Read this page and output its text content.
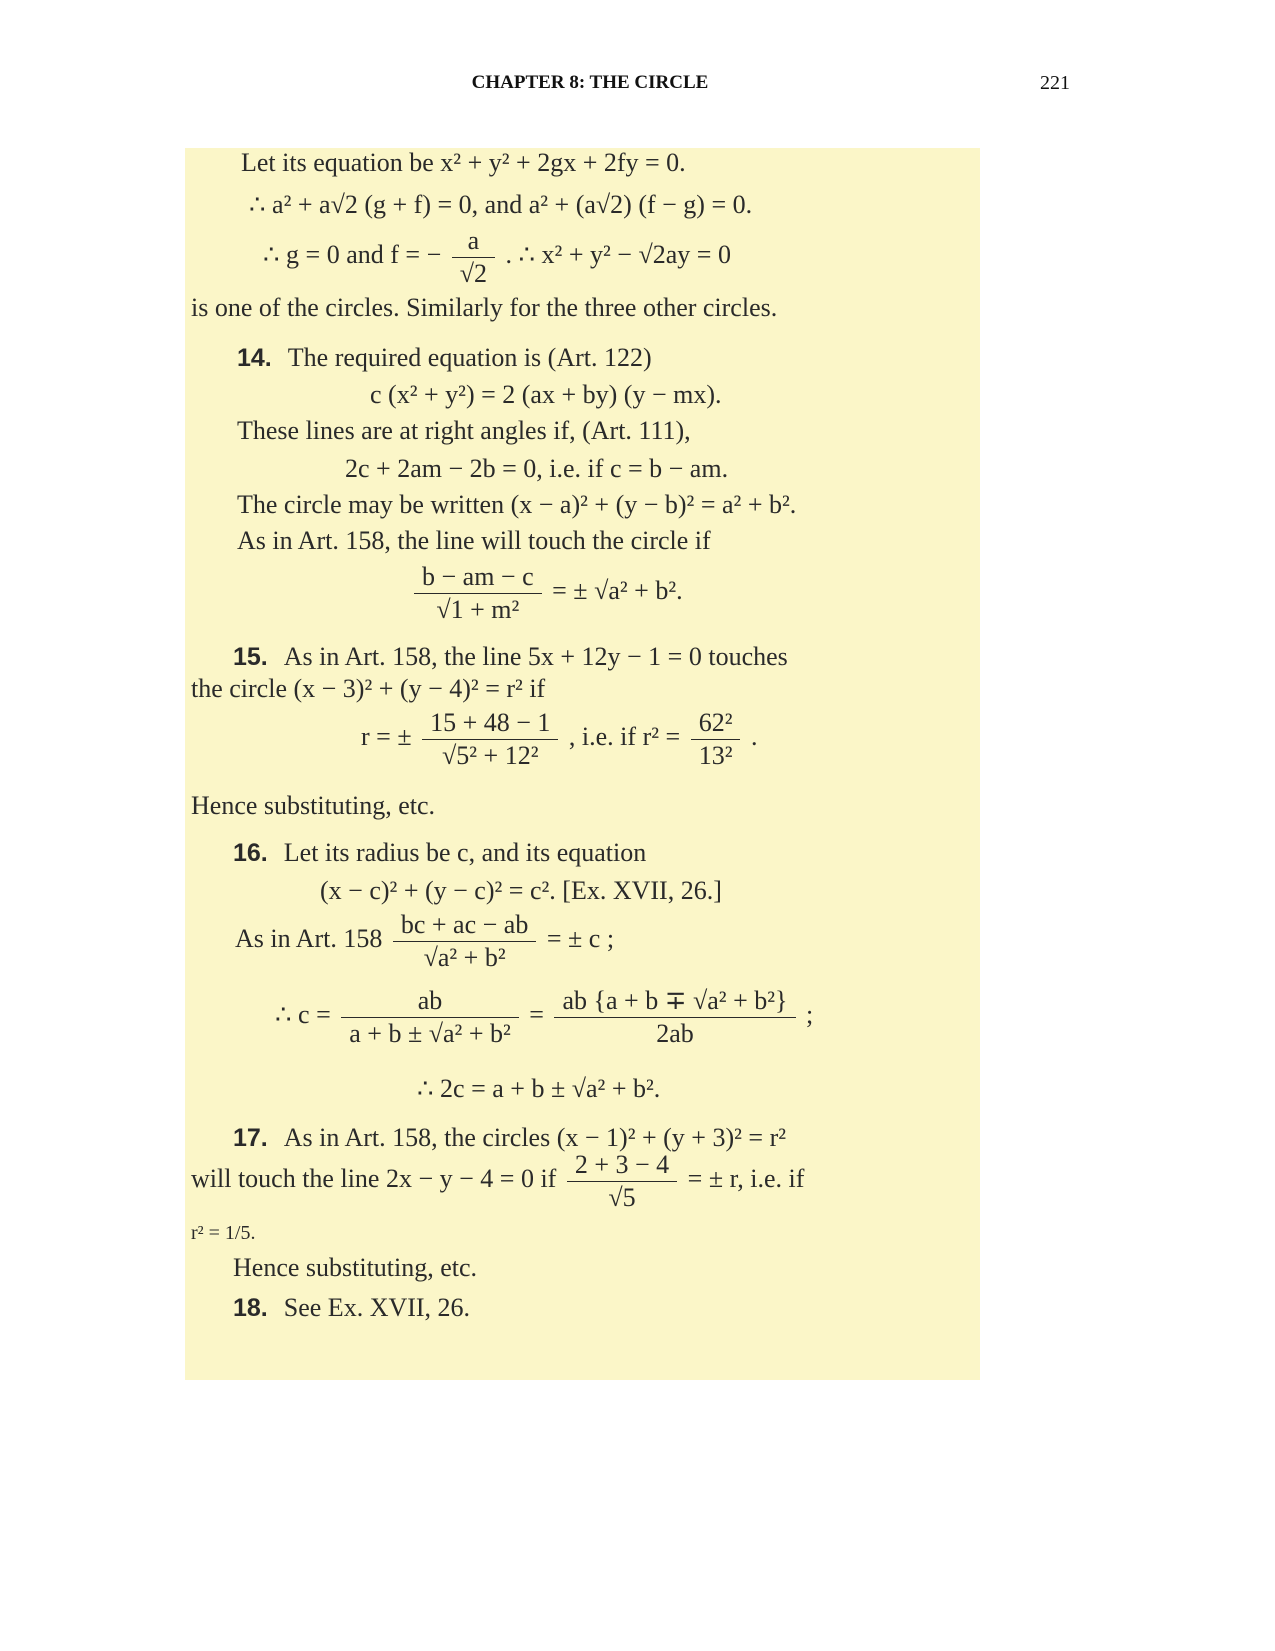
CHAPTER 8: THE CIRCLE	221
Let its equation be x² + y² + 2gx + 2fy = 0.
∴ a² + a√2 (g + f) = 0, and a² + (a√2) (f − g) = 0.
∴ g = 0 and f = − $\frac{a}{√2}$ . ∴ x² + y² − √2ay = 0
is one of the circles. Similarly for the three other circles.
14. The required equation is (Art. 122)
c (x² + y²) = 2 (ax + by) (y − mx).
These lines are at right angles if, (Art. 111),
2c + 2am − 2b = 0, i.e. if c = b − am.
The circle may be written (x − a)² + (y − b)² = a² + b².
As in Art. 158, the line will touch the circle if
$\frac{b - am - c}{\text{√1 + m²}}$ = ± √a² + b².
15. As in Art. 158, the line 5x + 12y − 1 = 0 touches
the circle (x − 3)² + (y − 4)² = r² if
r = ± $\frac{15 + 48 - 1}{\text{√5² + 12²}}$ , i.e. if $r^2 = \frac{\text{62²}}{\text{13²}}$ .
Hence substituting, etc.
16. Let its radius be c, and its equation
(x − c)² + (y − c)² = c². [Ex. XVII, 26.]
As in Art. $158 \frac{bc + ac - ab}{\text{√a² + b²}}$ = ± c ;
∴ $c = \frac{ab}{\text{a + b ± √a² + b²}} = \frac{\text{ab \{a + b ∓ √a² + b²\}}}{2ab}$ ;
∴ 2c = a + b ± √a² + b².
17. As in Art. 158, the circles (x − 1)² + (y + 3)² = r²
will touch the line 2x − y − 4 = 0 if $\frac{2 + 3 - 4}{√5}$ = ± r, i.e. if
r² = 1/5.
Hence substituting, etc.
18. See Ex. XVII, 26.
